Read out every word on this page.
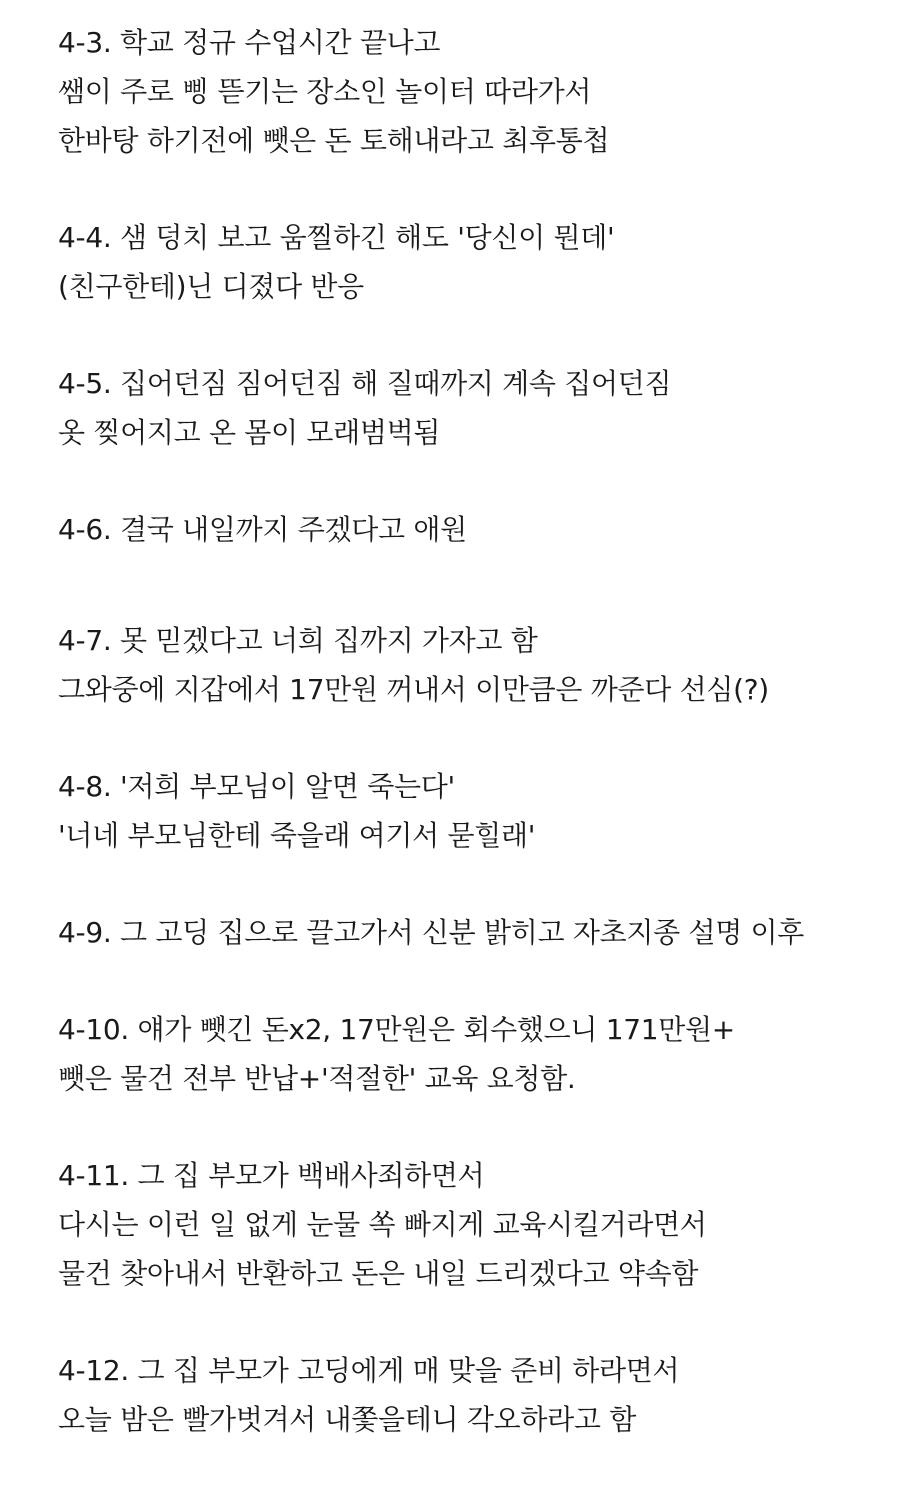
4-3. 학교 정규 수업시간 끝나고
쌤이 주로 삥 뜯기는 장소인 놀이터 따라가서
한바탕 하기전에 뺏은 돈 토해내라고 최후통첩

4-4. 샘 덩치 보고 움찔하긴 해도 '당신이 뭔데'
(친구한테)닌 디졌다 반응

4-5. 집어던짐 짐어던짐 해 질때까지 계속 집어던짐
옷 찢어지고 온 몸이 모래범벅됨

4-6. 결국 내일까지 주겠다고 애원

4-7. 못 믿겠다고 너희 집까지 가자고 함
그와중에 지갑에서 17만원 꺼내서 이만큼은 까준다 선심(?)

4-8. '저희 부모님이 알면 죽는다'
'너네 부모님한테 죽을래 여기서 묻힐래'

4-9. 그 고딩 집으로 끌고가서 신분 밝히고 자초지종 설명 이후

4-10. 얘가 뺏긴 돈x2, 17만원은 회수했으니 171만원+
뺏은 물건 전부 반납+'적절한' 교육 요청함.

4-11. 그 집 부모가 백배사죄하면서
다시는 이런 일 없게 눈물 쏙 빠지게 교육시킬거라면서
물건 찾아내서 반환하고 돈은 내일 드리겠다고 약속함

4-12. 그 집 부모가 고딩에게 매 맞을 준비 하라면서
오늘 밤은 빨가벗겨서 내쫓을테니 각오하라고 함
